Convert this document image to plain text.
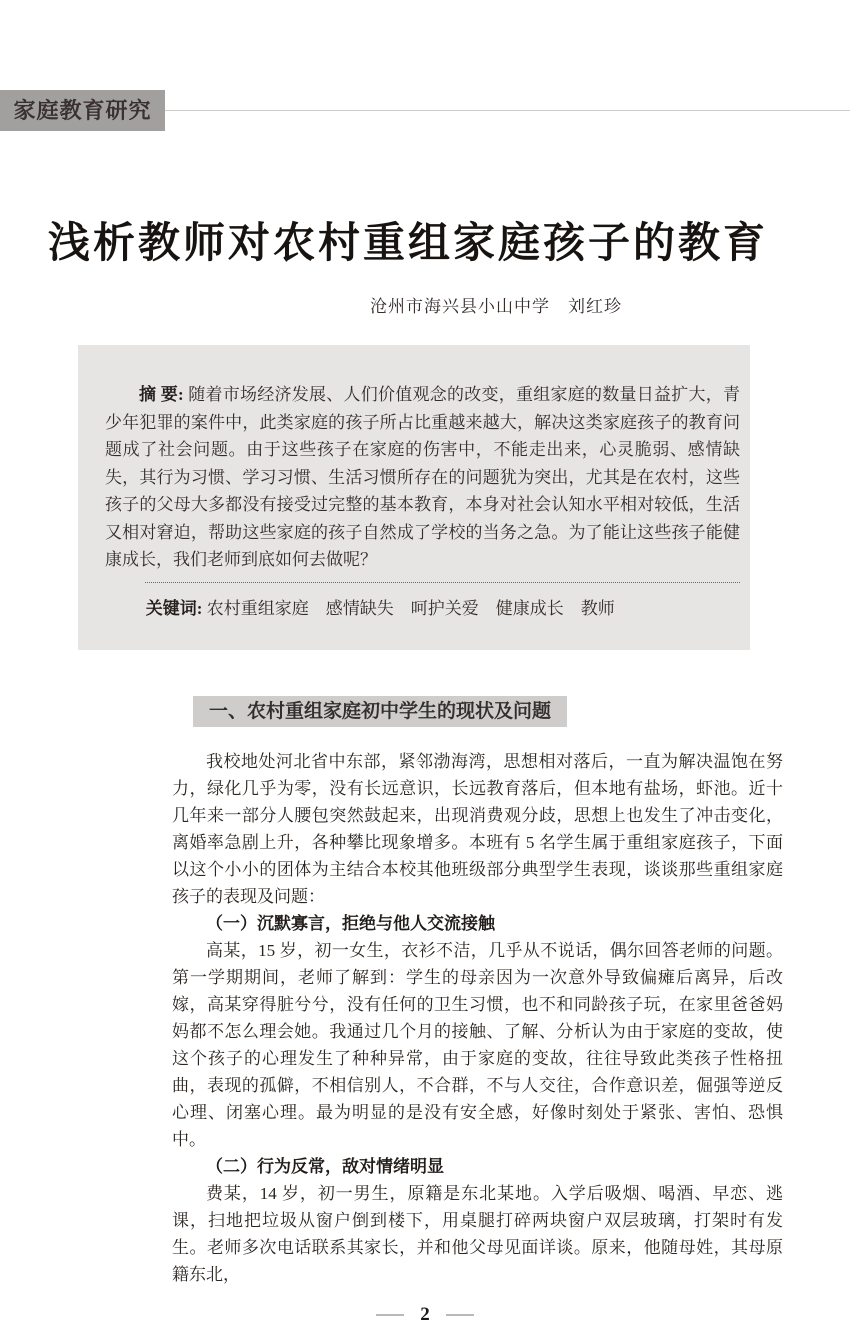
家庭教育研究
浅析教师对农村重组家庭孩子的教育
沧州市海兴县小山中学　刘红珍

摘 要: 随着市场经济发展、人们价值观念的改变，重组家庭的数量日益扩大，青少年犯罪的案件中，此类家庭的孩子所占比重越来越大，解决这类家庭孩子的教育问题成了社会问题。由于这些孩子在家庭的伤害中，不能走出来，心灵脆弱、感情缺失，其行为习惯、学习习惯、生活习惯所存在的问题犹为突出，尤其是在农村，这些孩子的父母大多都没有接受过完整的基本教育，本身对社会认知水平相对较低，生活又相对窘迫，帮助这些家庭的孩子自然成了学校的当务之急。为了能让这些孩子能健康成长，我们老师到底如何去做呢？

关键词: 农村重组家庭　感情缺失　呵护关爱　健康成长　教师

一、农村重组家庭初中学生的现状及问题

我校地处河北省中东部，紧邻渤海湾，思想相对落后，一直为解决温饱在努力，绿化几乎为零，没有长远意识，长远教育落后，但本地有盐场，虾池。近十几年来一部分人腰包突然鼓起来，出现消费观分歧，思想上也发生了冲击变化，离婚率急剧上升，各种攀比现象增多。本班有 5 名学生属于重组家庭孩子，下面以这个小小的团体为主结合本校其他班级部分典型学生表现，谈谈那些重组家庭孩子的表现及问题：

（一）沉默寡言，拒绝与他人交流接触

高某，15 岁，初一女生，衣衫不洁，几乎从不说话，偶尔回答老师的问题。第一学期期间，老师了解到：学生的母亲因为一次意外导致偏瘫后离异，后改嫁，高某穿得脏兮兮，没有任何的卫生习惯，也不和同龄孩子玩，在家里爸爸妈妈都不怎么理会她。我通过几个月的接触、了解、分析认为由于家庭的变故，使这个孩子的心理发生了种种异常，由于家庭的变故，往往导致此类孩子性格扭曲，表现的孤僻，不相信别人，不合群，不与人交往，合作意识差，倔强等逆反心理、闭塞心理。最为明显的是没有安全感，好像时刻处于紧张、害怕、恐惧中。

（二）行为反常，敌对情绪明显

费某，14 岁，初一男生，原籍是东北某地。入学后吸烟、喝酒、早恋、逃课，扫地把垃圾从窗户倒到楼下，用桌腿打碎两块窗户双层玻璃，打架时有发生。老师多次电话联系其家长，并和他父母见面详谈。原来，他随母姓，其母原籍东北，

2
